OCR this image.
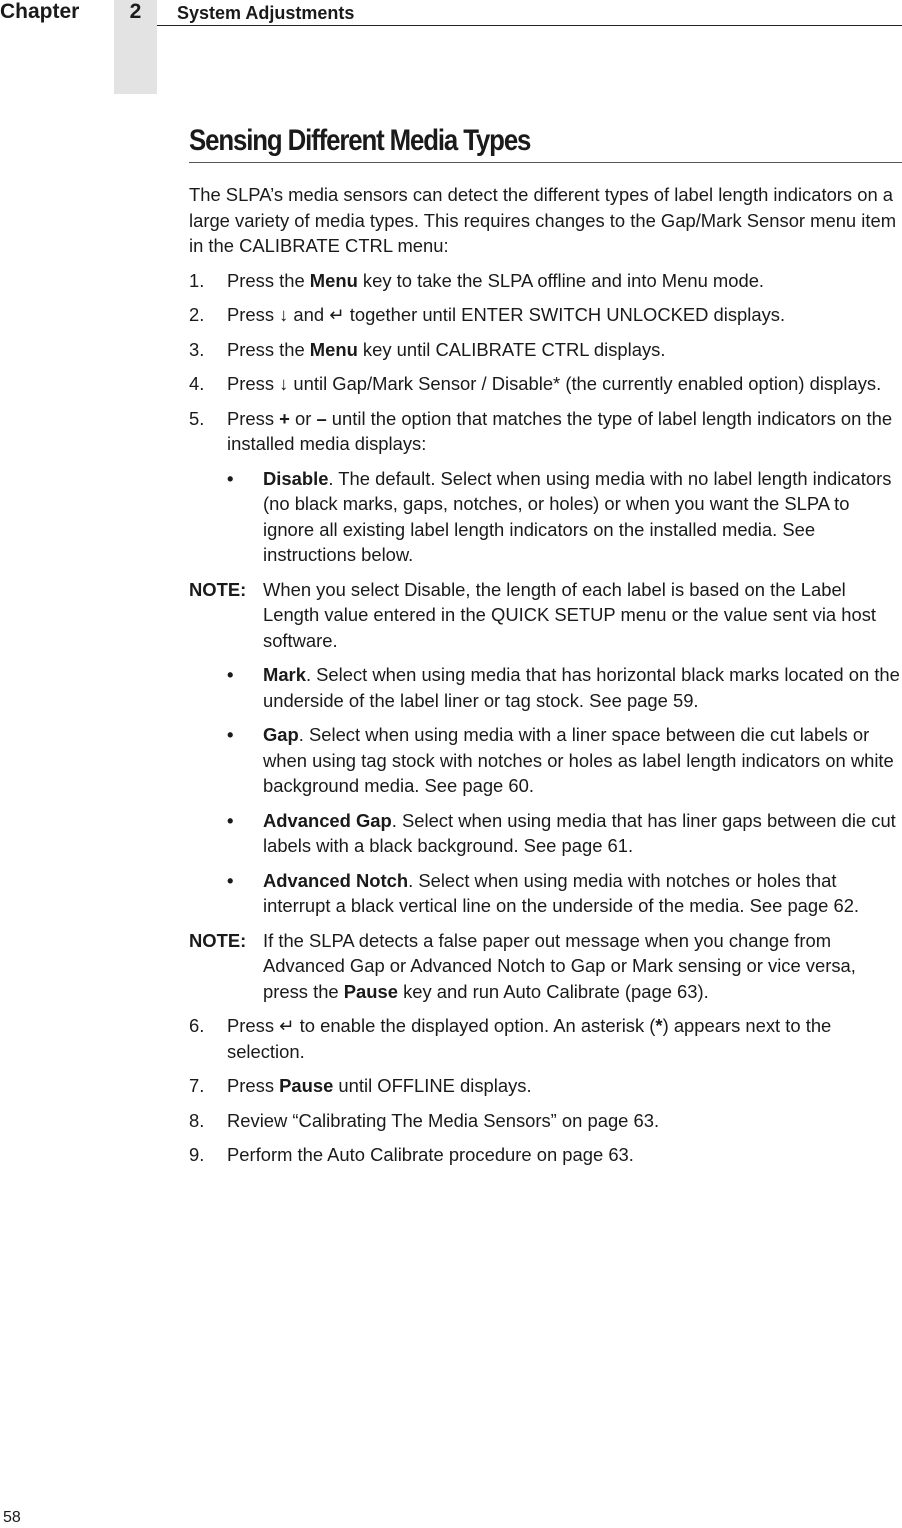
Chapter	2	System Adjustments
Sensing Different Media Types

The SLPA’s media sensors can detect the different types of label length indicators on a large variety of media types. This requires changes to the Gap/Mark Sensor menu item in the CALIBRATE CTRL menu:

1. Press the Menu key to take the SLPA offline and into Menu mode.
2. Press ↓ and ↵ together until ENTER SWITCH UNLOCKED displays.
3. Press the Menu key until CALIBRATE CTRL displays.
4. Press ↓ until Gap/Mark Sensor / Disable* (the currently enabled option) displays.
5. Press + or – until the option that matches the type of label length indicators on the installed media displays:
• Disable. The default. Select when using media with no label length indicators (no black marks, gaps, notches, or holes) or when you want the SLPA to ignore all existing label length indicators on the installed media. See instructions below.
NOTE: When you select Disable, the length of each label is based on the Label Length value entered in the QUICK SETUP menu or the value sent via host software.
• Mark. Select when using media that has horizontal black marks located on the underside of the label liner or tag stock. See page 59.
• Gap. Select when using media with a liner space between die cut labels or when using tag stock with notches or holes as label length indicators on white background media. See page 60.
• Advanced Gap. Select when using media that has liner gaps between die cut labels with a black background. See page 61.
• Advanced Notch. Select when using media with notches or holes that interrupt a black vertical line on the underside of the media. See page 62.
NOTE: If the SLPA detects a false paper out message when you change from Advanced Gap or Advanced Notch to Gap or Mark sensing or vice versa, press the Pause key and run Auto Calibrate (page 63).
6. Press ↵ to enable the displayed option. An asterisk (*) appears next to the selection.
7. Press Pause until OFFLINE displays.
8. Review “Calibrating The Media Sensors” on page 63.
9. Perform the Auto Calibrate procedure on page 63.
58
